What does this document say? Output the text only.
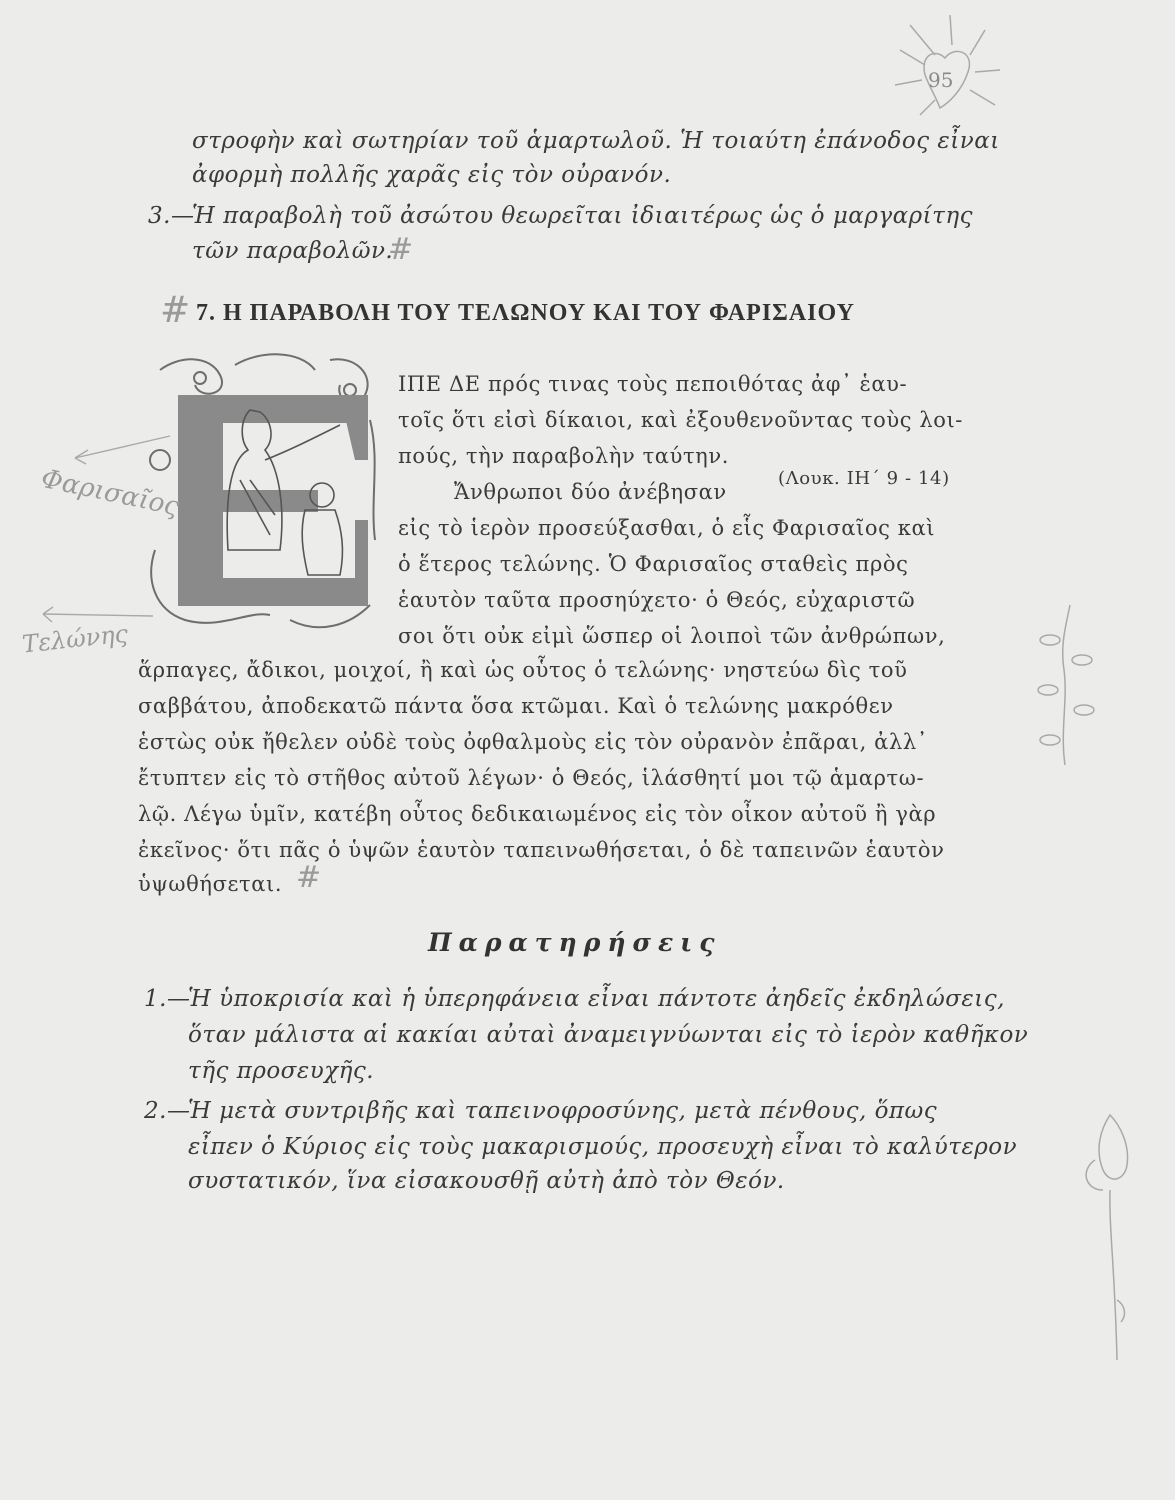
95
στροφὴν καὶ σωτηρίαν τοῦ ἁμαρτωλοῦ. Ἡ τοιαύτη ἐπάνοδος εἶναι
ἀφορμὴ πολλῆς χαρᾶς εἰς τὸν οὐρανόν.
3.—
Ἡ παραβολὴ τοῦ ἀσώτου θεωρεῖται ἰδιαιτέρως ὡς ὁ μαργαρίτης
τῶν παραβολῶν.
#
# 7. Η ΠΑΡΑΒΟΛΗ ΤΟΥ ΤΕΛΩΝΟΥ ΚΑΙ ΤΟΥ ΦΑΡΙΣΑΙΟΥ
ΙΠΕ ΔΕ πρός τινας τοὺς πεποιθότας ἀφ᾿ ἑαυ-
τοῖς ὅτι εἰσὶ δίκαιοι, καὶ ἐξουθενοῦντας τοὺς λοι-
πούς, τὴν παραβολὴν ταύτην.
(Λουκ. ΙΗ΄ 9 - 14)
Ἄνθρωποι δύο ἀνέβησαν
εἰς τὸ ἱερὸν προσεύξασθαι, ὁ εἷς Φαρισαῖος καὶ
ὁ ἕτερος τελώνης. Ὁ Φαρισαῖος σταθεὶς πρὸς
ἑαυτὸν ταῦτα προσηύχετο· ὁ Θεός, εὐχαριστῶ
σοι ὅτι οὐκ εἰμὶ ὥσπερ οἱ λοιποὶ τῶν ἀνθρώπων,
ἅρπαγες, ἄδικοι, μοιχοί, ἢ καὶ ὡς οὗτος ὁ τελώνης· νηστεύω δὶς τοῦ
σαββάτου, ἀποδεκατῶ πάντα ὅσα κτῶμαι. Καὶ ὁ τελώνης μακρόθεν
ἑστὼς οὐκ ἤθελεν οὐδὲ τοὺς ὀφθαλμοὺς εἰς τὸν οὐρανὸν ἐπᾶραι, ἀλλ᾿
ἔτυπτεν εἰς τὸ στῆθος αὐτοῦ λέγων· ὁ Θεός, ἱλάσθητί μοι τῷ ἁμαρτω-
λῷ. Λέγω ὑμῖν, κατέβη οὗτος δεδικαιωμένος εἰς τὸν οἶκον αὐτοῦ ἢ γὰρ
ἐκεῖνος· ὅτι πᾶς ὁ ὑψῶν ἑαυτὸν ταπεινωθήσεται, ὁ δὲ ταπεινῶν ἑαυτὸν
ὑψωθήσεται. #
Φαρισαῖος
Τελώνης
Παρατηρήσεις
1.—
Ἡ ὑποκρισία καὶ ἡ ὑπερηφάνεια εἶναι πάντοτε ἀηδεῖς ἐκδηλώσεις,
ὅταν μάλιστα αἱ κακίαι αὐταὶ ἀναμειγνύωνται εἰς τὸ ἱερὸν καθῆκον
τῆς προσευχῆς.
2.—
Ἡ μετὰ συντριβῆς καὶ ταπεινοφροσύνης, μετὰ πένθους, ὅπως
εἶπεν ὁ Κύριος εἰς τοὺς μακαρισμούς, προσευχὴ εἶναι τὸ καλύτερον
συστατικόν, ἵνα εἰσακουσθῇ αὐτὴ ἀπὸ τὸν Θεόν.
